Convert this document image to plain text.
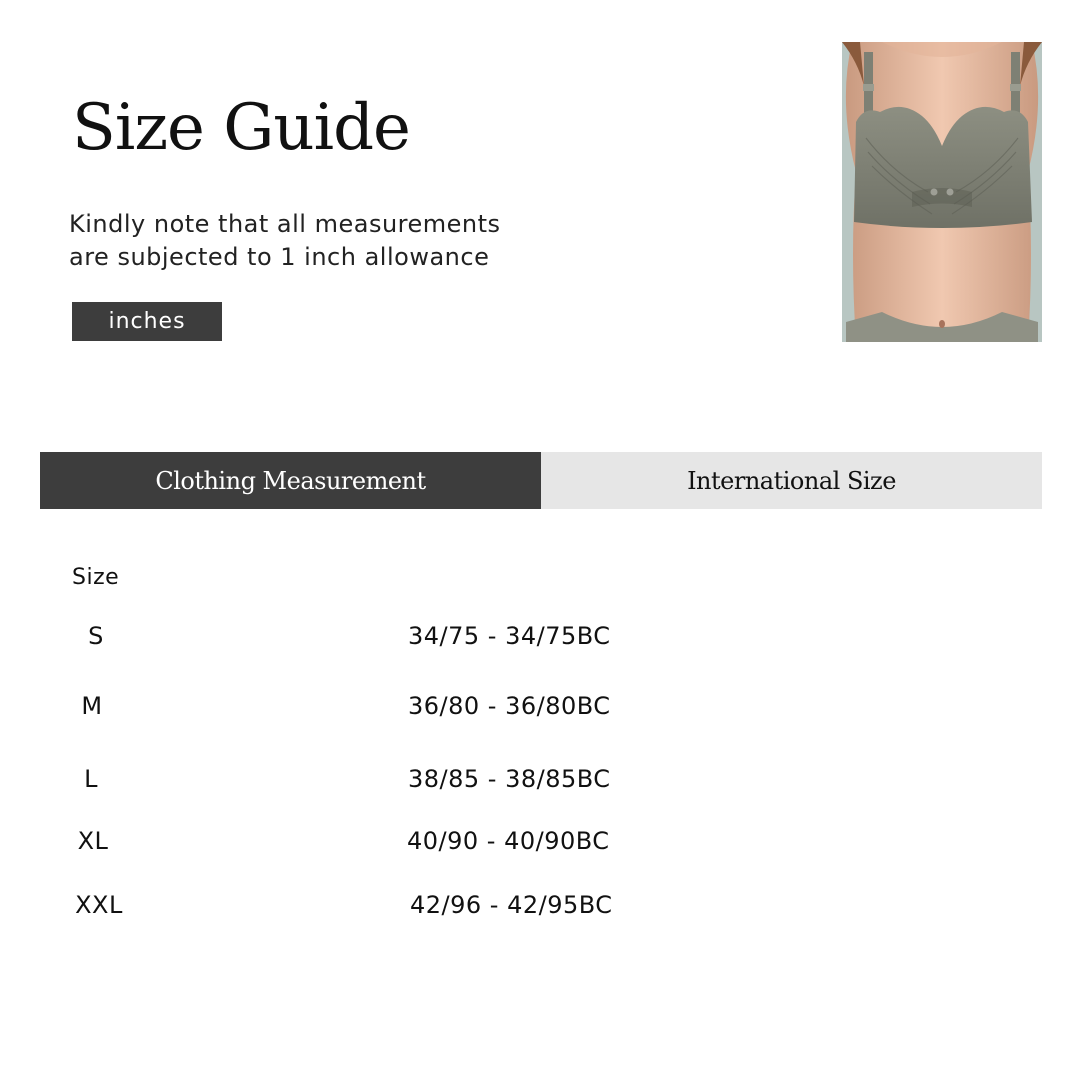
Size Guide
Kindly note that all measurements
are subjected to 1 inch allowance
inches
Clothing Measurement	International Size
Size
S	34/75 - 34/75BC
M	36/80 - 36/80BC
L	38/85 - 38/85BC
XL	40/90 - 40/90BC
XXL	42/96 - 42/95BC
